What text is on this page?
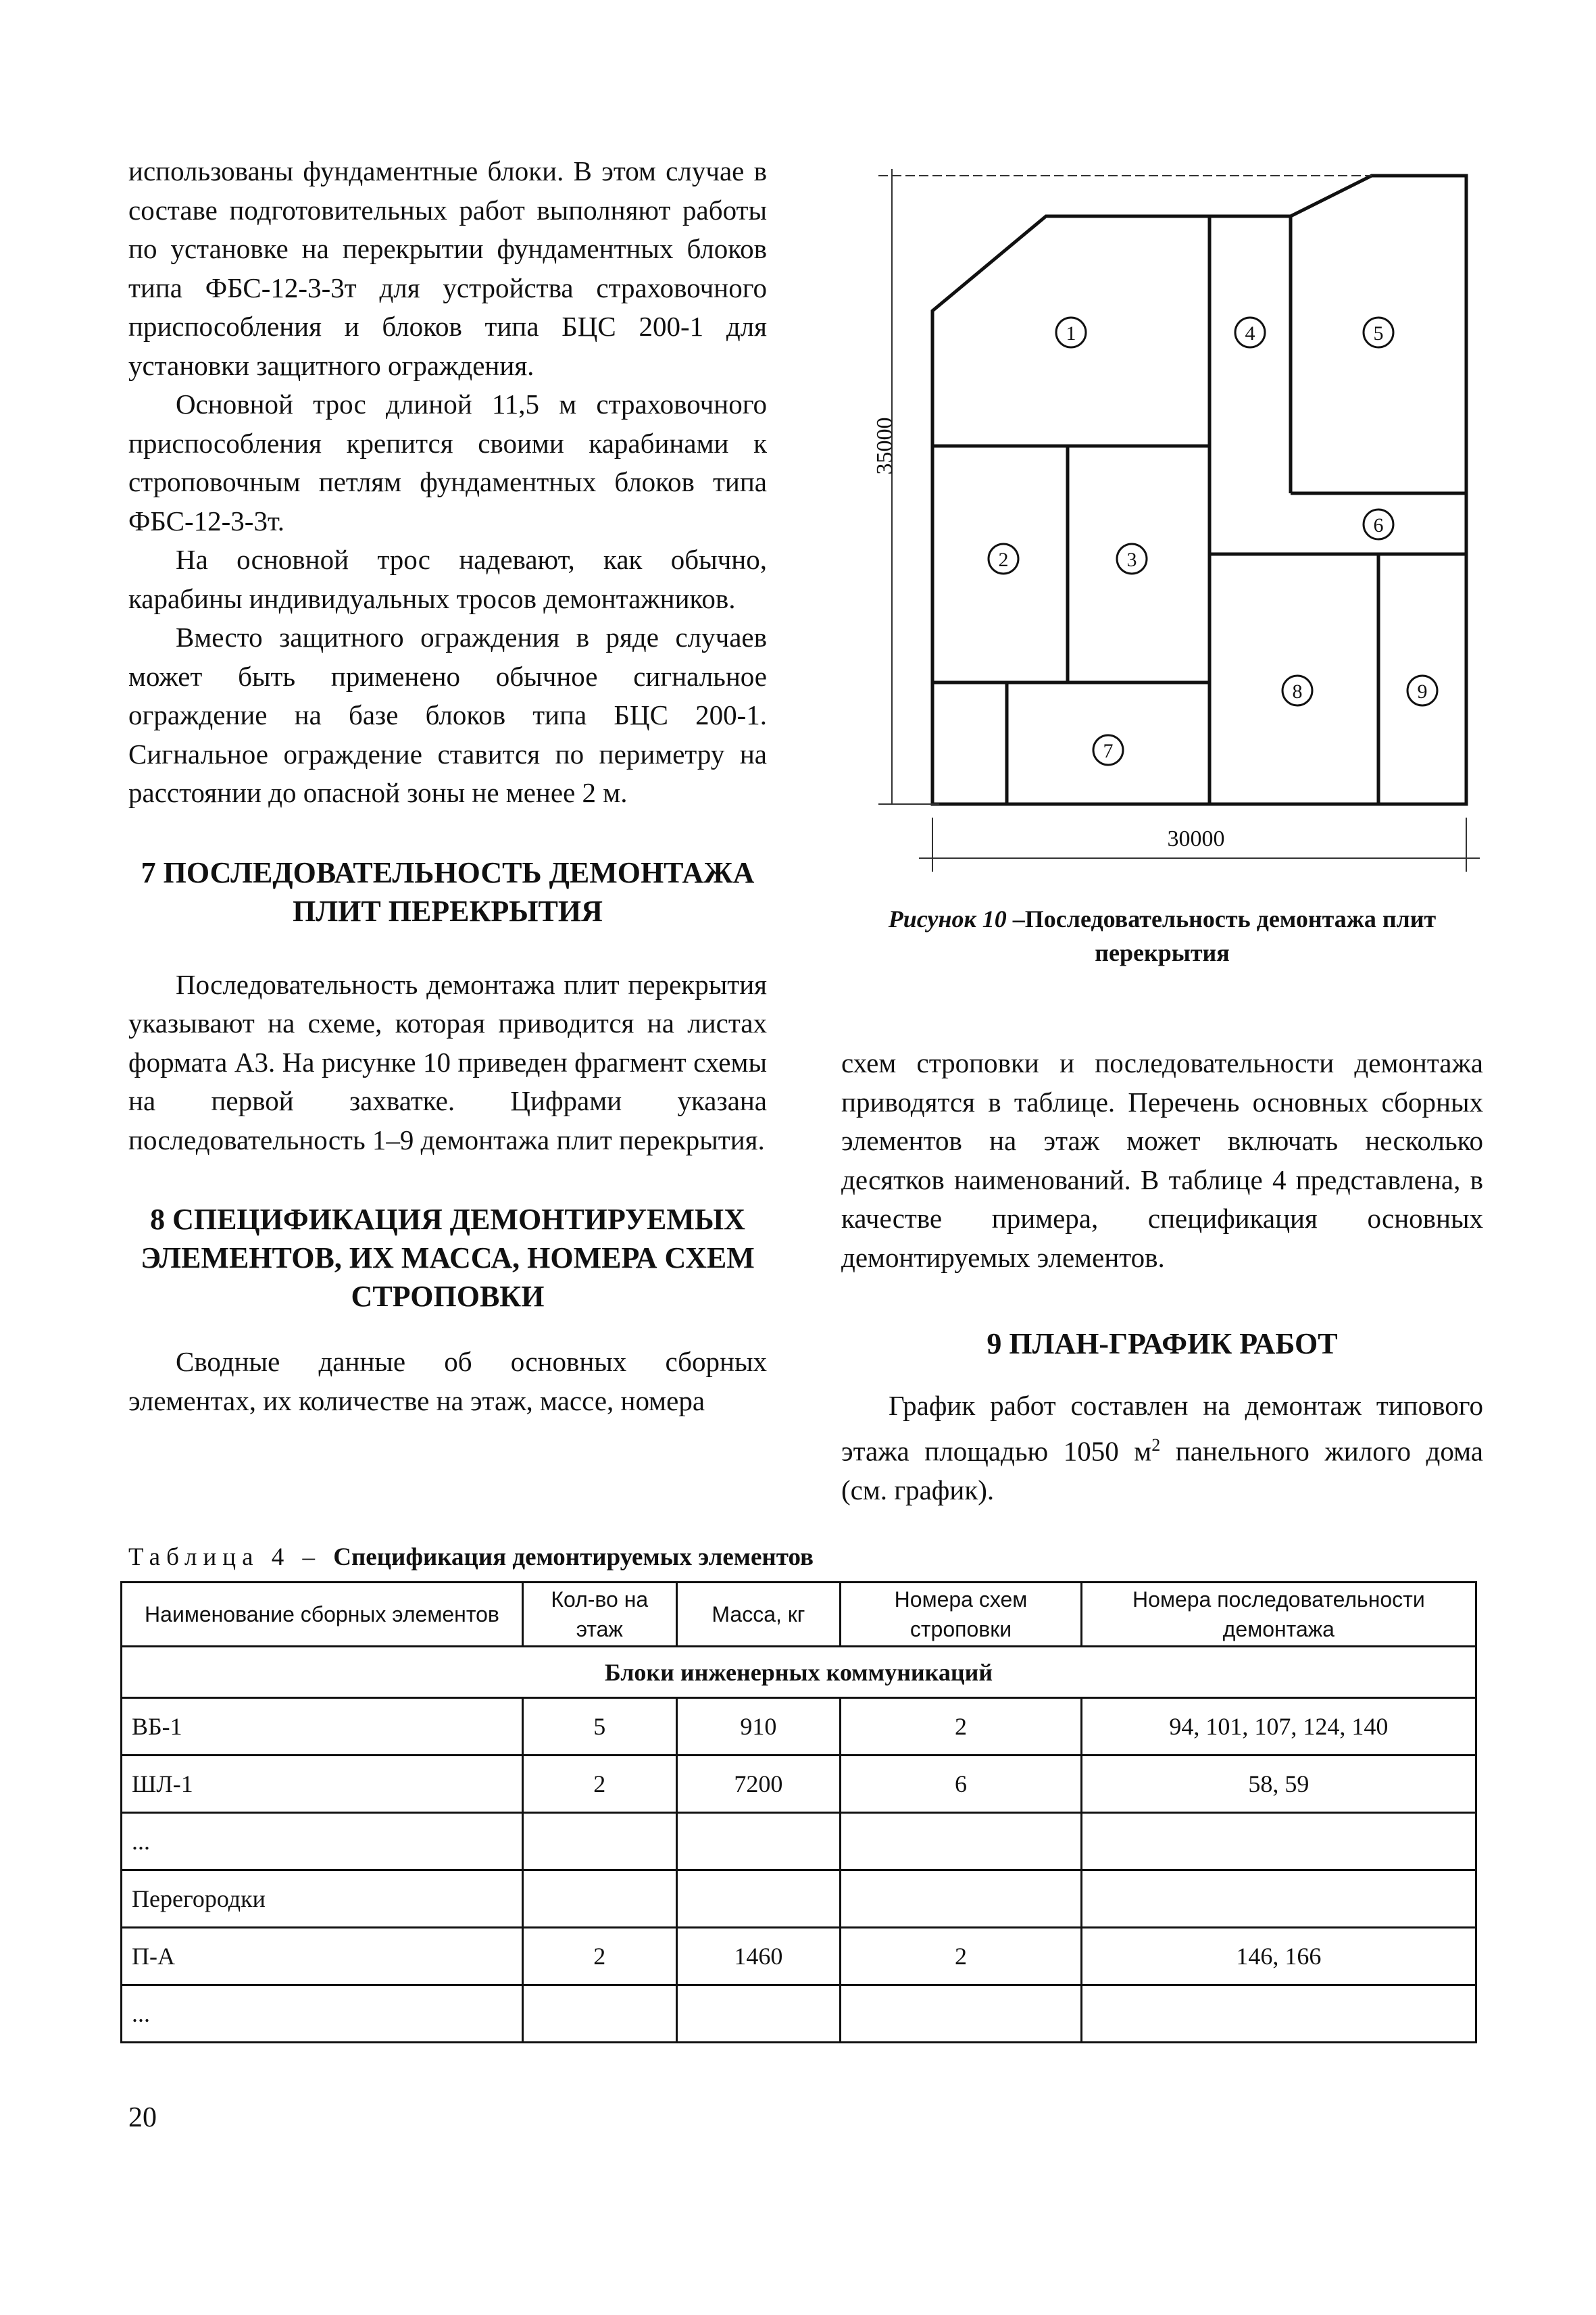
использованы фундаментные блоки. В этом случае в составе подготовительных работ выполняют работы по установке на перекрытии фундаментных блоков типа ФБС-12-3-3т для устройства страховочного приспособления и блоков типа БЦС 200-1 для установки защитного ограждения.

Основной трос длиной 11,5 м страховочного приспособления крепится своими карабинами к строповочным петлям фундаментных блоков типа ФБС-12-3-3т.

На основной трос надевают, как обычно, карабины индивидуальных тросов демонтажников.

Вместо защитного ограждения в ряде случаев может быть применено обычное сигнальное ограждение на базе блоков типа БЦС 200-1. Сигнальное ограждение ставится по периметру на расстоянии до опасной зоны не менее 2 м.

7 ПОСЛЕДОВАТЕЛЬНОСТЬ ДЕМОНТАЖА ПЛИТ ПЕРЕКРЫТИЯ

Последовательность демонтажа плит перекрытия указывают на схеме, которая приводится на листах формата А3. На рисунке 10 приведен фрагмент схемы на первой захватке. Цифрами указана последовательность 1–9 демонтажа плит перекрытия.

8 СПЕЦИФИКАЦИЯ ДЕМОНТИРУЕМЫХ ЭЛЕМЕНТОВ, ИХ МАССА, НОМЕРА СХЕМ СТРОПОВКИ

Сводные данные об основных сборных элементах, их количестве на этаж, массе, номера

35000
30000
1
2	3
4	5
6
7
8	9
Рисунок 10 –Последовательность демонтажа плит перекрытия

схем строповки и последовательности демонтажа приводятся в таблице. Перечень основных сборных элементов на этаж может включать несколько десятков наименований. В таблице 4 представлена, в качестве примера, спецификация основных демонтируемых элементов.

9 ПЛАН-ГРАФИК РАБОТ

График работ составлен на демонтаж типового этажа площадью 1050 $м^2$ панельного жилого дома (см. график).

Таблица 4 – Спецификация демонтируемых элементов
Наименование сборных элементов	Кол-во на этаж	Масса, кг	Номера схем строповки	Номера последовательности демонтажа
Блоки инженерных коммуникаций				
ВБ-1	5	910	2	94, 101, 107, 124, 140
ШЛ-1	2	7200	6	58, 59
...				
Перегородки				
П-А	2	1460	2	146, 166
...				
20
